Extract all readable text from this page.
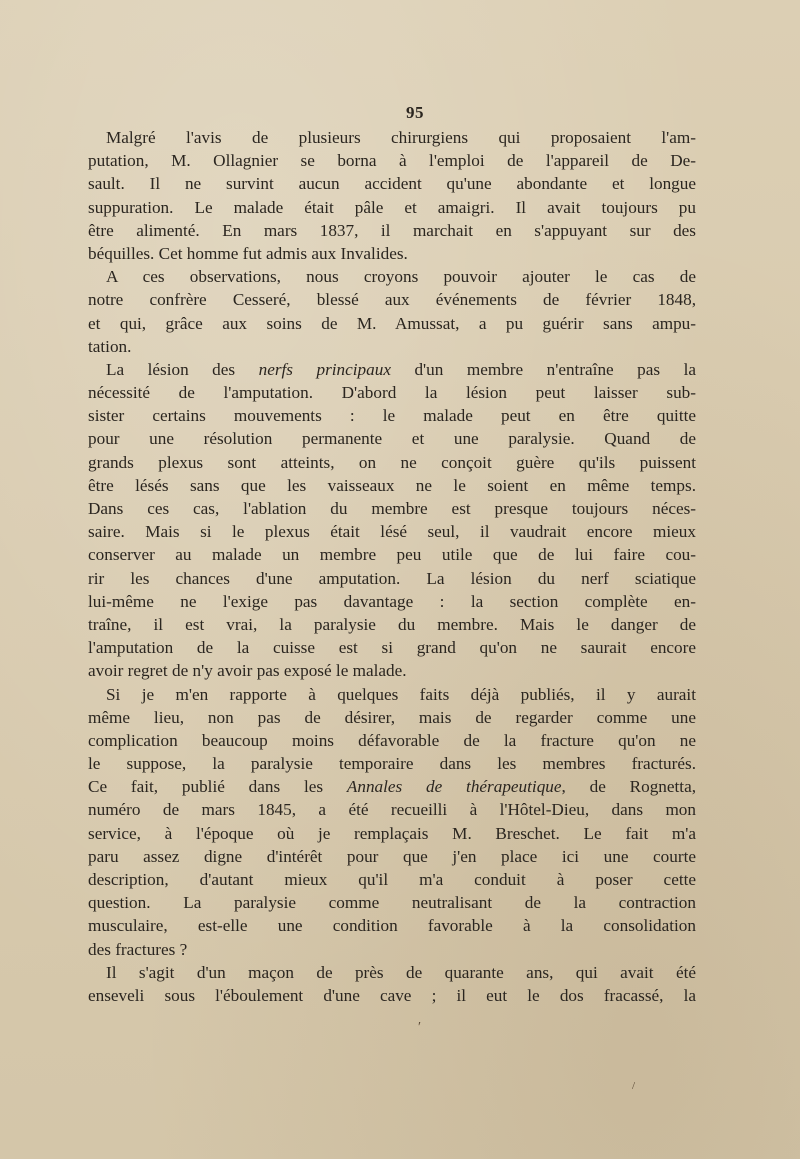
95
Malgré l'avis de plusieurs chirurgiens qui proposaient l'am-
putation, M. Ollagnier se borna à l'emploi de l'appareil de De-
sault. Il ne survint aucun accident qu'une abondante et longue
suppuration. Le malade était pâle et amaigri. Il avait toujours pu
être alimenté. En mars 1837, il marchait en s'appuyant sur des
béquilles. Cet homme fut admis aux Invalides.
A ces observations, nous croyons pouvoir ajouter le cas de
notre confrère Cesseré, blessé aux événements de février 1848,
et qui, grâce aux soins de M. Amussat, a pu guérir sans ampu-
tation.
La lésion des nerfs principaux d'un membre n'entraîne pas la
nécessité de l'amputation. D'abord la lésion peut laisser sub-
sister certains mouvements : le malade peut en être quitte
pour une résolution permanente et une paralysie. Quand de
grands plexus sont atteints, on ne conçoit guère qu'ils puissent
être lésés sans que les vaisseaux ne le soient en même temps.
Dans ces cas, l'ablation du membre est presque toujours néces-
saire. Mais si le plexus était lésé seul, il vaudrait encore mieux
conserver au malade un membre peu utile que de lui faire cou-
rir les chances d'une amputation. La lésion du nerf sciatique
lui-même ne l'exige pas davantage : la section complète en-
traîne, il est vrai, la paralysie du membre. Mais le danger de
l'amputation de la cuisse est si grand qu'on ne saurait encore
avoir regret de n'y avoir pas exposé le malade.
Si je m'en rapporte à quelques faits déjà publiés, il y aurait
même lieu, non pas de désirer, mais de regarder comme une
complication beaucoup moins défavorable de la fracture qu'on ne
le suppose, la paralysie temporaire dans les membres fracturés.
Ce fait, publié dans les Annales de thérapeutique, de Rognetta,
numéro de mars 1845, a été recueilli à l'Hôtel-Dieu, dans mon
service, à l'époque où je remplaçais M. Breschet. Le fait m'a
paru assez digne d'intérêt pour que j'en place ici une courte
description, d'autant mieux qu'il m'a conduit à poser cette
question. La paralysie comme neutralisant de la contraction
musculaire, est-elle une condition favorable à la consolidation
des fractures ?
Il s'agit d'un maçon de près de quarante ans, qui avait été
enseveli sous l'éboulement d'une cave ; il eut le dos fracassé, la
′
/
